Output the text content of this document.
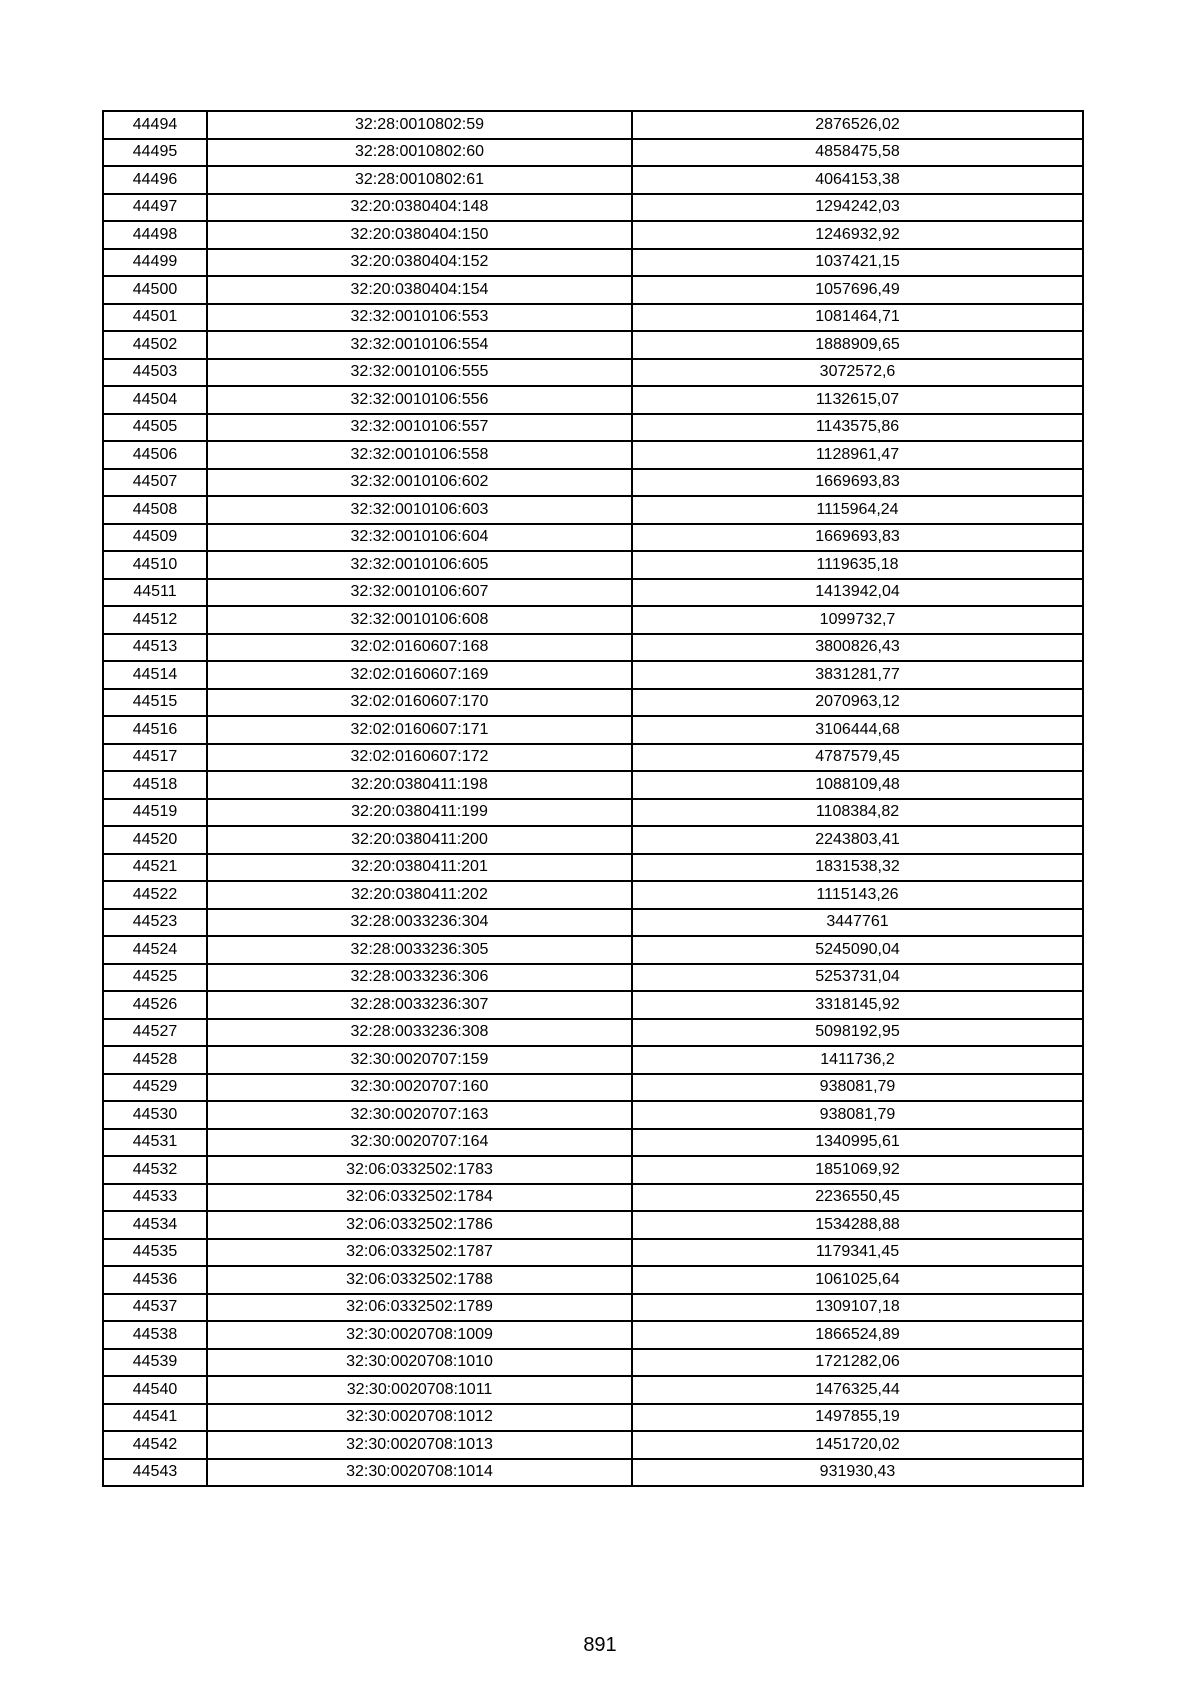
44494	32:28:0010802:59	2876526,02
44495	32:28:0010802:60	4858475,58
44496	32:28:0010802:61	4064153,38
44497	32:20:0380404:148	1294242,03
44498	32:20:0380404:150	1246932,92
44499	32:20:0380404:152	1037421,15
44500	32:20:0380404:154	1057696,49
44501	32:32:0010106:553	1081464,71
44502	32:32:0010106:554	1888909,65
44503	32:32:0010106:555	3072572,6
44504	32:32:0010106:556	1132615,07
44505	32:32:0010106:557	1143575,86
44506	32:32:0010106:558	1128961,47
44507	32:32:0010106:602	1669693,83
44508	32:32:0010106:603	1115964,24
44509	32:32:0010106:604	1669693,83
44510	32:32:0010106:605	1119635,18
44511	32:32:0010106:607	1413942,04
44512	32:32:0010106:608	1099732,7
44513	32:02:0160607:168	3800826,43
44514	32:02:0160607:169	3831281,77
44515	32:02:0160607:170	2070963,12
44516	32:02:0160607:171	3106444,68
44517	32:02:0160607:172	4787579,45
44518	32:20:0380411:198	1088109,48
44519	32:20:0380411:199	1108384,82
44520	32:20:0380411:200	2243803,41
44521	32:20:0380411:201	1831538,32
44522	32:20:0380411:202	1115143,26
44523	32:28:0033236:304	3447761
44524	32:28:0033236:305	5245090,04
44525	32:28:0033236:306	5253731,04
44526	32:28:0033236:307	3318145,92
44527	32:28:0033236:308	5098192,95
44528	32:30:0020707:159	1411736,2
44529	32:30:0020707:160	938081,79
44530	32:30:0020707:163	938081,79
44531	32:30:0020707:164	1340995,61
44532	32:06:0332502:1783	1851069,92
44533	32:06:0332502:1784	2236550,45
44534	32:06:0332502:1786	1534288,88
44535	32:06:0332502:1787	1179341,45
44536	32:06:0332502:1788	1061025,64
44537	32:06:0332502:1789	1309107,18
44538	32:30:0020708:1009	1866524,89
44539	32:30:0020708:1010	1721282,06
44540	32:30:0020708:1011	1476325,44
44541	32:30:0020708:1012	1497855,19
44542	32:30:0020708:1013	1451720,02
44543	32:30:0020708:1014	931930,43
891
